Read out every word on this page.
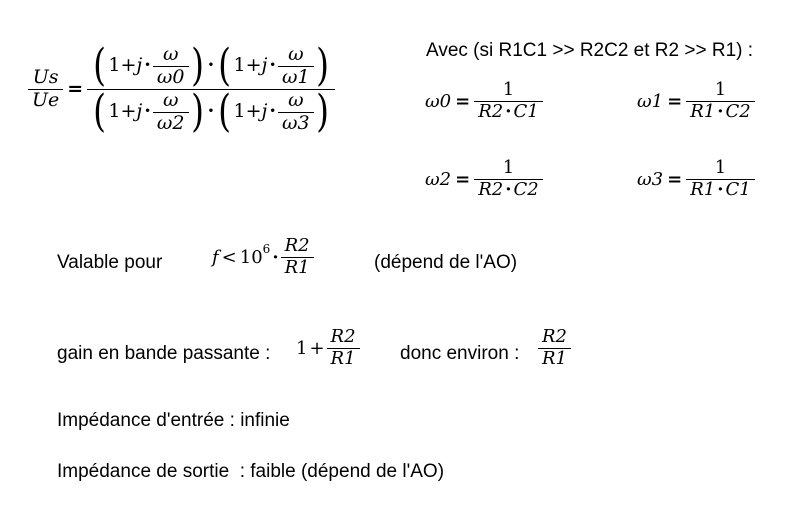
$\frac{Us}{Ue}$ = ( $1 + j \cdot \frac{\omega}{\omega 0}$ ) · ( $1 + j \cdot \frac{\omega}{\omega 1}$ )
( $1 + j \cdot \frac{\omega}{\omega 2}$ ) · ( $1 + j \cdot \frac{\omega}{\omega 3}$ )
Avec (si R1C1 >> R2C2 et R2 >> R1) :
$\omega 0 = \frac{1}{R2 \cdot C1}$	$\omega 1 = \frac{1}{R1 \cdot C2}$
$\omega 2 = \frac{1}{R2 \cdot C2}$	$\omega 3 = \frac{1}{R1 \cdot C1}$
Valable pour	f < 10 $6 \cdot \frac{R2}{R1}$	(dépend de l'AO)
gain en bande passante : $1 + \frac{R2}{R1}$ donc environ : $\frac{R2}{R1}$
Impédance d'entrée : infinie
Impédance de sortie  : faible (dépend de l'AO)
